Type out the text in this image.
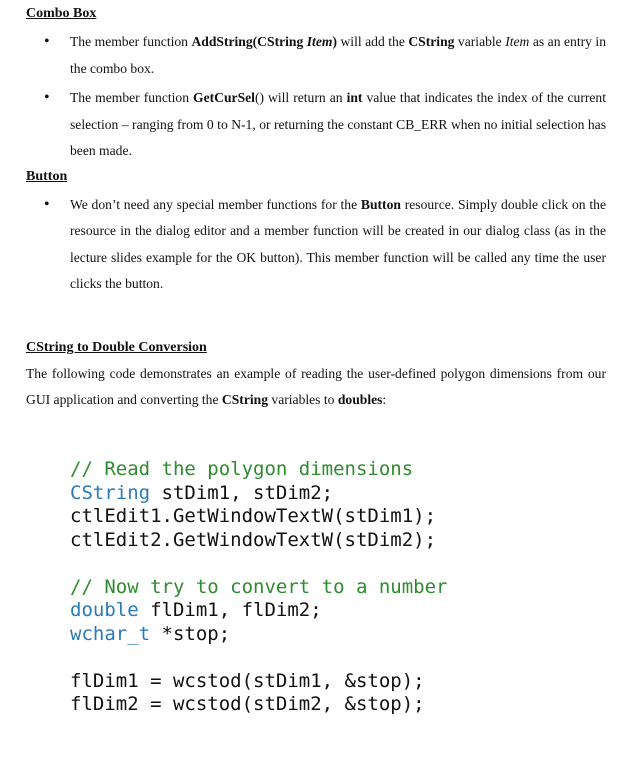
Combo Box

• The member function AddString(CString Item) will add the CString variable Item as an entry in the combo box.
• The member function GetCurSel() will return an int value that indicates the index of the current selection – ranging from 0 to N-1, or returning the constant CB_ERR when no initial selection has been made.

Button

• We don’t need any special member functions for the Button resource. Simply double click on the resource in the dialog editor and a member function will be created in our dialog class (as in the lecture slides example for the OK button). This member function will be called any time the user clicks the button.

CString to Double Conversion

The following code demonstrates an example of reading the user-defined polygon dimensions from our GUI application and converting the CString variables to doubles:

// Read the polygon dimensions
CString stDim1, stDim2;
ctlEdit1.GetWindowTextW(stDim1);
ctlEdit2.GetWindowTextW(stDim2);
// Now try to convert to a number
double flDim1, flDim2;
wchar_t *stop;
flDim1 = wcstod(stDim1, &stop);
flDim2 = wcstod(stDim2, &stop);
